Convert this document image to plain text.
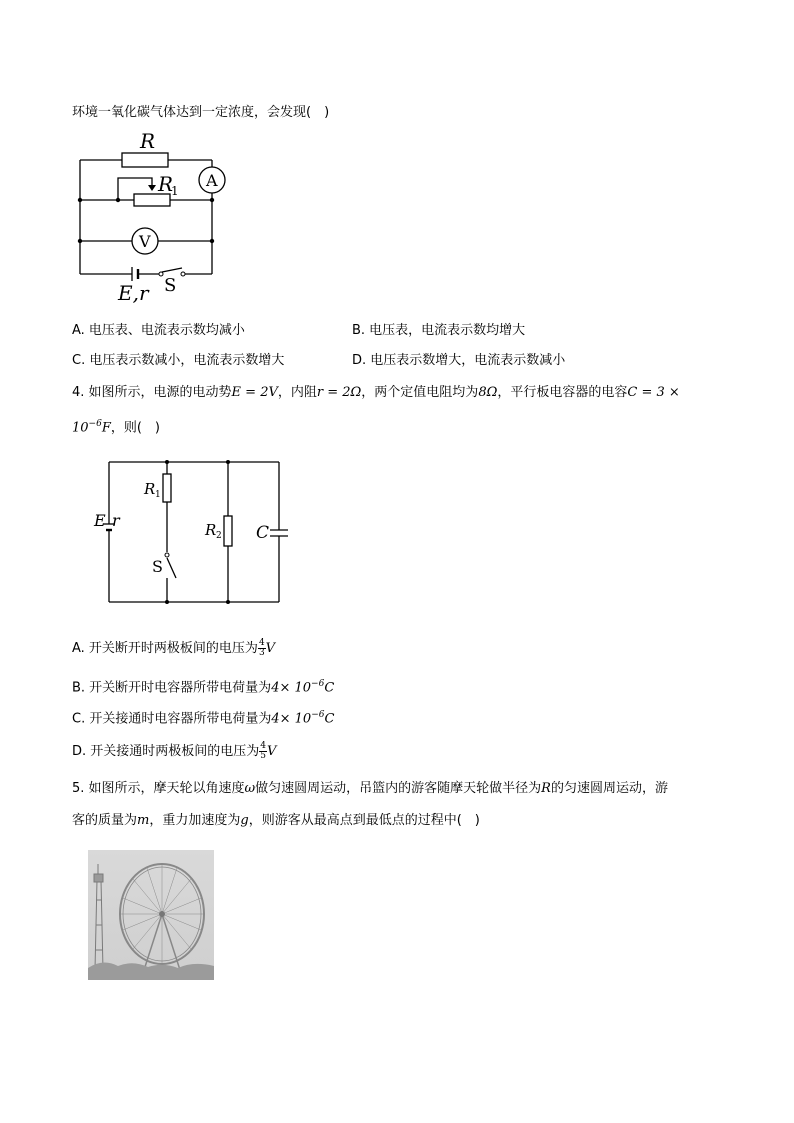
环境一氧化碳气体达到一定浓度，会发现(　)
R
R
1
A
V
E,r S
A. 电压表、电流表示数均减小	B. 电压表，电流表示数均增大
C. 电压表示数减小，电流表示数增大	D. 电压表示数增大，电流表示数减小
4. 如图所示，电源的电动势E = 2V，内阻r = 2Ω，两个定值电阻均为8Ω，平行板电容器的电容C = 3 ×
$10^{-6}F$，则(　)
E r
R 1
R 2 C
S
A. 开关断开时两极板间的电压为 $\frac{4}{3}$ V
B. 开关断开时电容器所带电荷量为$4\times 10^{-6}C$
C. 开关接通时电容器所带电荷量为$4\times 10^{-6}C$
D. 开关接通时两极板间的电压为 $\frac{4}{5}$ V
5. 如图所示，摩天轮以角速度ω做匀速圆周运动，吊篮内的游客随摩天轮做半径为R的匀速圆周运动，游
客的质量为m，重力加速度为g，则游客从最高点到最低点的过程中(　)
